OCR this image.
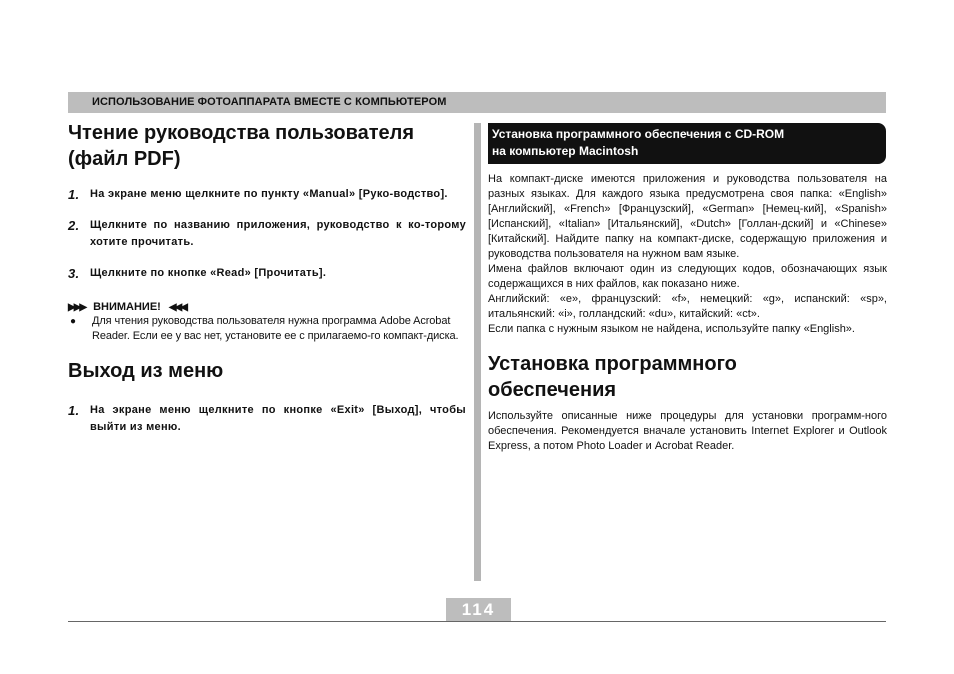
ИСПОЛЬЗОВАНИЕ ФОТОАППАРАТА ВМЕСТЕ С КОМПЬЮТЕРОМ
Чтение руководства пользователя
(файл PDF)
1. На экране меню щелкните по пункту «Manual» [Руко-водство].
2. Щелкните по названию приложения, руководство к ко-торому хотите прочитать.
3. Щелкните по кнопке «Read» [Прочитать].
▶▶▶ ВНИМАНИЕ! ◀◀◀
● Для чтения руководства пользователя нужна программа Adobe Acrobat Reader. Если ее у вас нет, установите ее с прилагаемо-го компакт-диска.
Выход из меню
1. На экране меню щелкните по кнопке «Exit» [Выход], чтобы выйти из меню.
Установка программного обеспечения с CD-ROM
на компьютер Macintosh

На компакт-диске имеются приложения и руководства пользователя на разных языках. Для каждого языка предусмотрена своя папка: «English» [Английский], «French» [Французский], «German» [Немец-кий], «Spanish» [Испанский], «Italian» [Итальянский], «Dutch» [Голлан-дский] и «Chinese» [Китайский]. Найдите папку на компакт-диске, содержащую приложения и руководства пользователя на нужном вам языке.

Имена файлов включают один из следующих кодов, обозначающих язык содержащихся в них файлов, как показано ниже.

Английский: «e», французский: «f», немецкий: «g», испанский: «sp», итальянский: «i», голландский: «du», китайский: «ct».

Если папка с нужным языком не найдена, используйте папку «English».

Установка программного
обеспечения

Используйте описанные ниже процедуры для установки программ-ного обеспечения. Рекомендуется вначале установить Internet Explorer и Outlook Express, а потом Photo Loader и Acrobat Reader.

114
